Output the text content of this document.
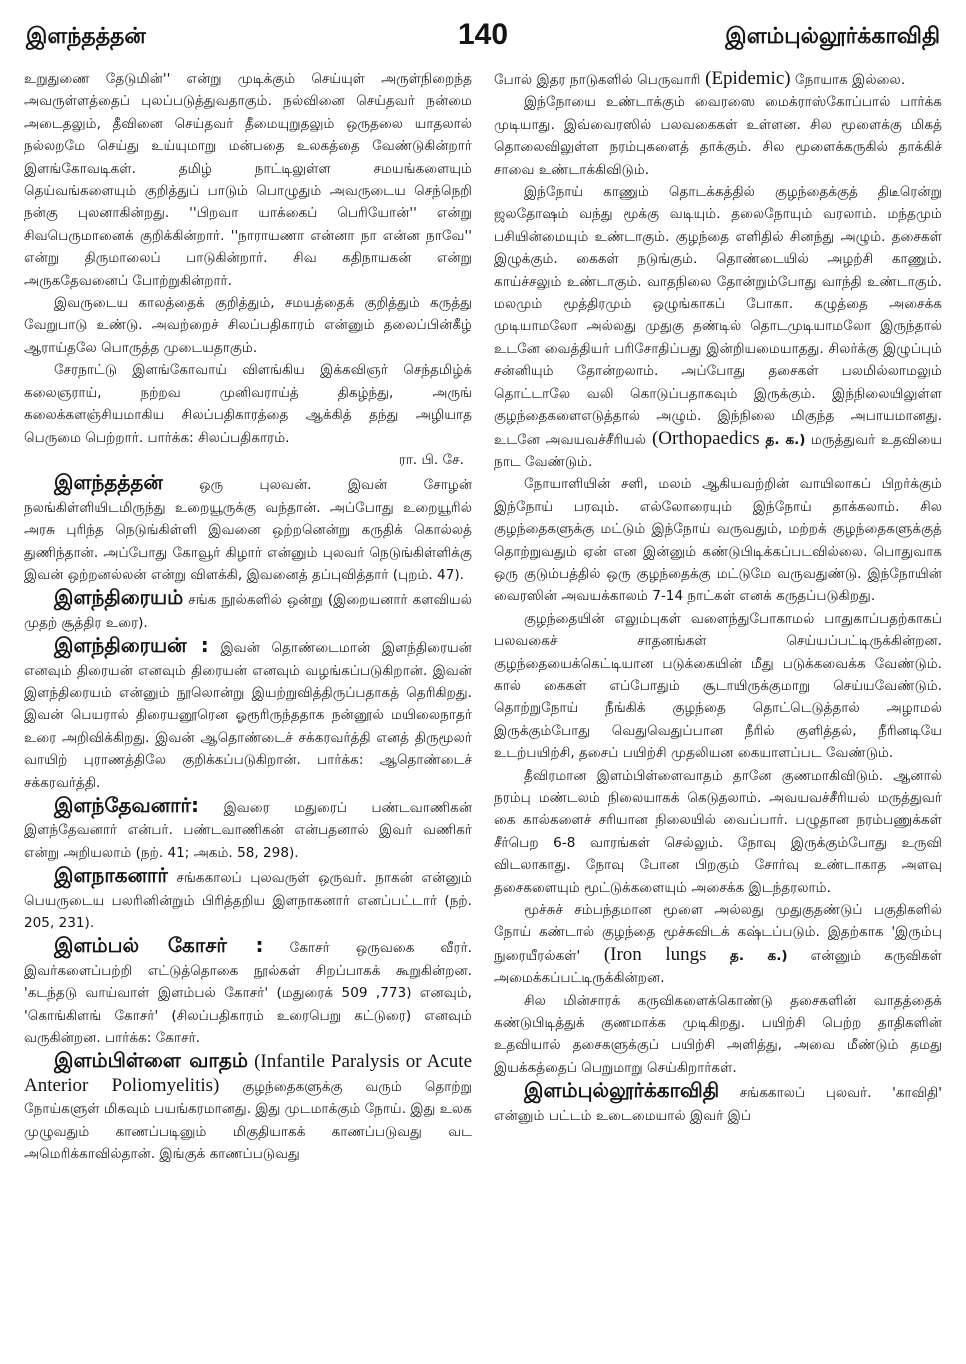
இளந்தத்தன்	140	இளம்புல்லூர்க்காவிதி

உறுதுணை தேடுமின்'' என்று முடிக்கும் செய்யுள் அருள்நிறைந்த அவருள்ளத்தைப் புலப்படுத்துவதாகும். நல்வினை செய்தவர் நன்மை அடைதலும், தீவினை செய்தவர் தீமையுறுதலும் ஒருதலை யாதலால் நல்லறமே செய்து உய்யுமாறு மன்பதை உலகத்தை வேண்டுகின்றார் இளங்கோவடிகள். தமிழ் நாட்டிலுள்ள சமயங்களையும் தெய்வங்களையும் குறித்துப் பாடும் பொழுதும் அவருடைய செந்நெறி நன்கு புலனாகின்றது. ''பிறவா யாக்கைப் பெரியோன்'' என்று சிவபெருமானைக் குறிக்கின்றார். ''நாராயணா என்னா நா என்ன நாவே'' என்று திருமாலைப் பாடுகின்றார். சிவ கதிநாயகன் என்று அருகதேவனைப் போற்றுகின்றார்.

இவருடைய காலத்தைக் குறித்தும், சமயத்தைக் குறித்தும் கருத்து வேறுபாடு உண்டு. அவற்றைச் சிலப்பதிகாரம் என்னும் தலைப்பின்கீழ் ஆராய்தலே பொருத்த முடையதாகும்.

சேரநாட்டு இளங்கோவாய் விளங்கிய இக்கவிஞர் செந்தமிழ்க் கலைஞராய், நற்றவ முனிவராய்த் திகழ்ந்து, அருங் கலைக்களஞ்சியமாகிய சிலப்பதிகாரத்தை ஆக்கித் தந்து அழியாத பெருமை பெற்றார். பார்க்க: சிலப்பதிகாரம்.

ரா. பி. சே.

இளந்தத்தன் ஒரு புலவன். இவன் சோழன் நலங்கிள்ளியிடமிருந்து உறையூருக்கு வந்தான். அப்போது உறையூரில் அரசு புரிந்த நெடுங்கிள்ளி இவனை ஒற்றனென்று கருதிக் கொல்லத் துணிந்தான். அப்போது கோவூர் கிழார் என்னும் புலவர் நெடுங்கிள்ளிக்கு இவன் ஒற்றனல்லன் என்று விளக்கி, இவனைத் தப்புவித்தார் (புறம். 47).

இளந்திரையம் சங்க நூல்களில் ஒன்று (இறையனார் களவியல் முதற் சூத்திர உரை).

இளந்திரையன் : இவன் தொண்டைமான் இளந்திரையன் எனவும் திரையன் எனவும் திரையன் எனவும் வழங்கப்படுகிறான். இவன் இளந்திரையம் என்னும் நூலொன்று இயற்றுவித்திருப்பதாகத் தெரிகிறது. இவன் பெயரால் திரையனூரென ஓரூரிருந்ததாக நன்னூல் மயிலைநாதர் உரை அறிவிக்கிறது. இவன் ஆதொண்டைச் சக்கரவர்த்தி எனத் திருமூலர் வாயிற் புராணத்திலே குறிக்கப்படுகிறான். பார்க்க: ஆதொண்டைச் சக்கரவர்த்தி.

இளந்தேவனார்: இவரை மதுரைப் பண்டவாணிகன் இளந்தேவனார் என்பர். பண்டவாணிகன் என்பதனால் இவர் வணிகர் என்று அறியலாம் (நற். 41; அகம். 58, 298).

இளநாகனார் சங்ககாலப் புலவருள் ஒருவர். நாகன் என்னும் பெயருடைய பலரினின்றும் பிரித்தறிய இளநாகனார் எனப்பட்டார் (நற். 205, 231).

இளம்பல் கோசர் : கோசர் ஒருவகை வீரர். இவர்களைப்பற்றி எட்டுத்தொகை நூல்கள் சிறப்பாகக் கூறுகின்றன. 'கடந்தடு வாய்வாள் இளம்பல் கோசர்' (மதுரைக் 509 ,773) எனவும், 'கொங்கிளங் கோசர்' (சிலப்பதிகாரம் உரைபெறு கட்டுரை) எனவும் வருகின்றன. பார்க்க: கோசர்.

இளம்பிள்ளை வாதம் (Infantile Paralysis or Acute Anterior Poliomyelitis) குழந்தைகளுக்கு வரும் தொற்று நோய்களுள் மிகவும் பயங்கரமானது. இது முடமாக்கும் நோய். இது உலக முழுவதும் காணப்படினும் மிகுதியாகக் காணப்படுவது வட அமெரிக்காவில்தான். இங்குக் காணப்படுவது

போல் இதர நாடுகளில் பெருவாரி (Epidemic) நோயாக இல்லை.

இந்நோயை உண்டாக்கும் வைரஸை மைக்ராஸ்கோப்பால் பார்க்க முடியாது. இவ்வைரஸில் பலவகைகள் உள்ளன. சில மூளைக்கு மிகத் தொலைவிலுள்ள நரம்புகளைத் தாக்கும். சில மூளைக்கருகில் தாக்கிச் சாவை உண்டாக்கிவிடும்.

இந்நோய் காணும் தொடக்கத்தில் குழந்தைக்குத் திடீரென்று ஜலதோஷம் வந்து மூக்கு வடியும். தலைநோயும் வரலாம். மந்தமும் பசியின்மையும் உண்டாகும். குழந்தை எளிதில் சினந்து அழும். தசைகள் இழுக்கும். கைகள் நடுங்கும். தொண்டையில் அழற்சி காணும். காய்ச்சலும் உண்டாகும். வாதநிலை தோன்றும்போது வாந்தி உண்டாகும். மலமும் மூத்திரமும் ஒழுங்காகப் போகா. கழுத்தை அசைக்க முடியாமலோ அல்லது முதுகு தண்டில் தொடமுடியாமலோ இருந்தால் உடனே வைத்தியர் பரிசோதிப்பது இன்றியமையாதது. சிலர்க்கு இழுப்பும் சன்னியும் தோன்றலாம். அப்போது தசைகள் பலமில்லாமலும் தொட்டாலே வலி கொடுப்பதாகவும் இருக்கும். இந்நிலையிலுள்ள குழந்தைகளைஎடுத்தால் அழும். இந்நிலை மிகுந்த அபாயமானது. உடனே அவயவச்சீரியல் (Orthopaedics த. க.) மருத்துவர் உதவியை நாட வேண்டும்.

நோயாளியின் சளி, மலம் ஆகியவற்றின் வாயிலாகப் பிறர்க்கும் இந்நோய் பரவும். எல்லோரையும் இந்நோய் தாக்கலாம். சில குழந்தைகளுக்கு மட்டும் இந்நோய் வருவதும், மற்றக் குழந்தைகளுக்குத் தொற்றுவதும் ஏன் என இன்னும் கண்டுபிடிக்கப்படவில்லை. பொதுவாக ஒரு குடும்பத்தில் ஒரு குழந்தைக்கு மட்டுமே வருவதுண்டு. இந்நோயின் வைரஸின் அவயக்காலம் 7-14 நாட்கள் எனக் கருதப்படுகிறது.

குழந்தையின் எலும்புகள் வளைந்துபோகாமல் பாதுகாப்பதற்காகப் பலவகைச் சாதனங்கள் செய்யப்பட்டிருக்கின்றன. குழந்தையைக்கெட்டியான படுக்கையின் மீது படுக்கவைக்க வேண்டும். கால் கைகள் எப்போதும் சூடாயிருக்குமாறு செய்யவேண்டும். தொற்றுநோய் நீங்கிக் குழந்தை தொட்டெடுத்தால் அழாமல் இருக்கும்போது வெதுவெதுப்பான நீரில் குளித்தல், நீரினடியே உடற்பயிற்சி, தசைப் பயிற்சி முதலியன கையாளப்பட வேண்டும்.

தீவிரமான இளம்பிள்ளைவாதம் தானே குணமாகிவிடும். ஆனால் நரம்பு மண்டலம் நிலையாகக் கெடுதலாம். அவயவச்சீரியல் மருத்துவர் கை கால்களைச் சரியான நிலையில் வைப்பார். பழுதான நரம்பணுக்கள் சீர்பெற 6-8 வாரங்கள் செல்லும். நோவு இருக்கும்போது உருவி விடலாகாது. நோவு போன பிறகும் சோர்வு உண்டாகாத அளவு தசைகளையும் மூட்டுக்களையும் அசைக்க இடந்தரலாம்.

மூச்சுச் சம்பந்தமான மூளை அல்லது முதுகுதண்டுப் பகுதிகளில் நோய் கண்டால் குழந்தை மூச்சுவிடக் கஷ்டப்படும். இதற்காக 'இரும்பு நுரையீரல்கள்' (Iron lungs த. க.) என்னும் கருவிகள் அமைக்கப்பட்டிருக்கின்றன.

சில மின்சாரக் கருவிகளைக்கொண்டு தசைகளின் வாதத்தைக் கண்டுபிடித்துக் குணமாக்க முடிகிறது. பயிற்சி பெற்ற தாதிகளின் உதவியால் தசைகளுக்குப் பயிற்சி அளித்து, அவை மீண்டும் தமது இயக்கத்தைப் பெறுமாறு செய்கிறார்கள்.

இளம்புல்லூர்க்காவிதி சங்ககாலப் புலவர். 'காவிதி' என்னும் பட்டம் உடைமையால் இவர் இப்
